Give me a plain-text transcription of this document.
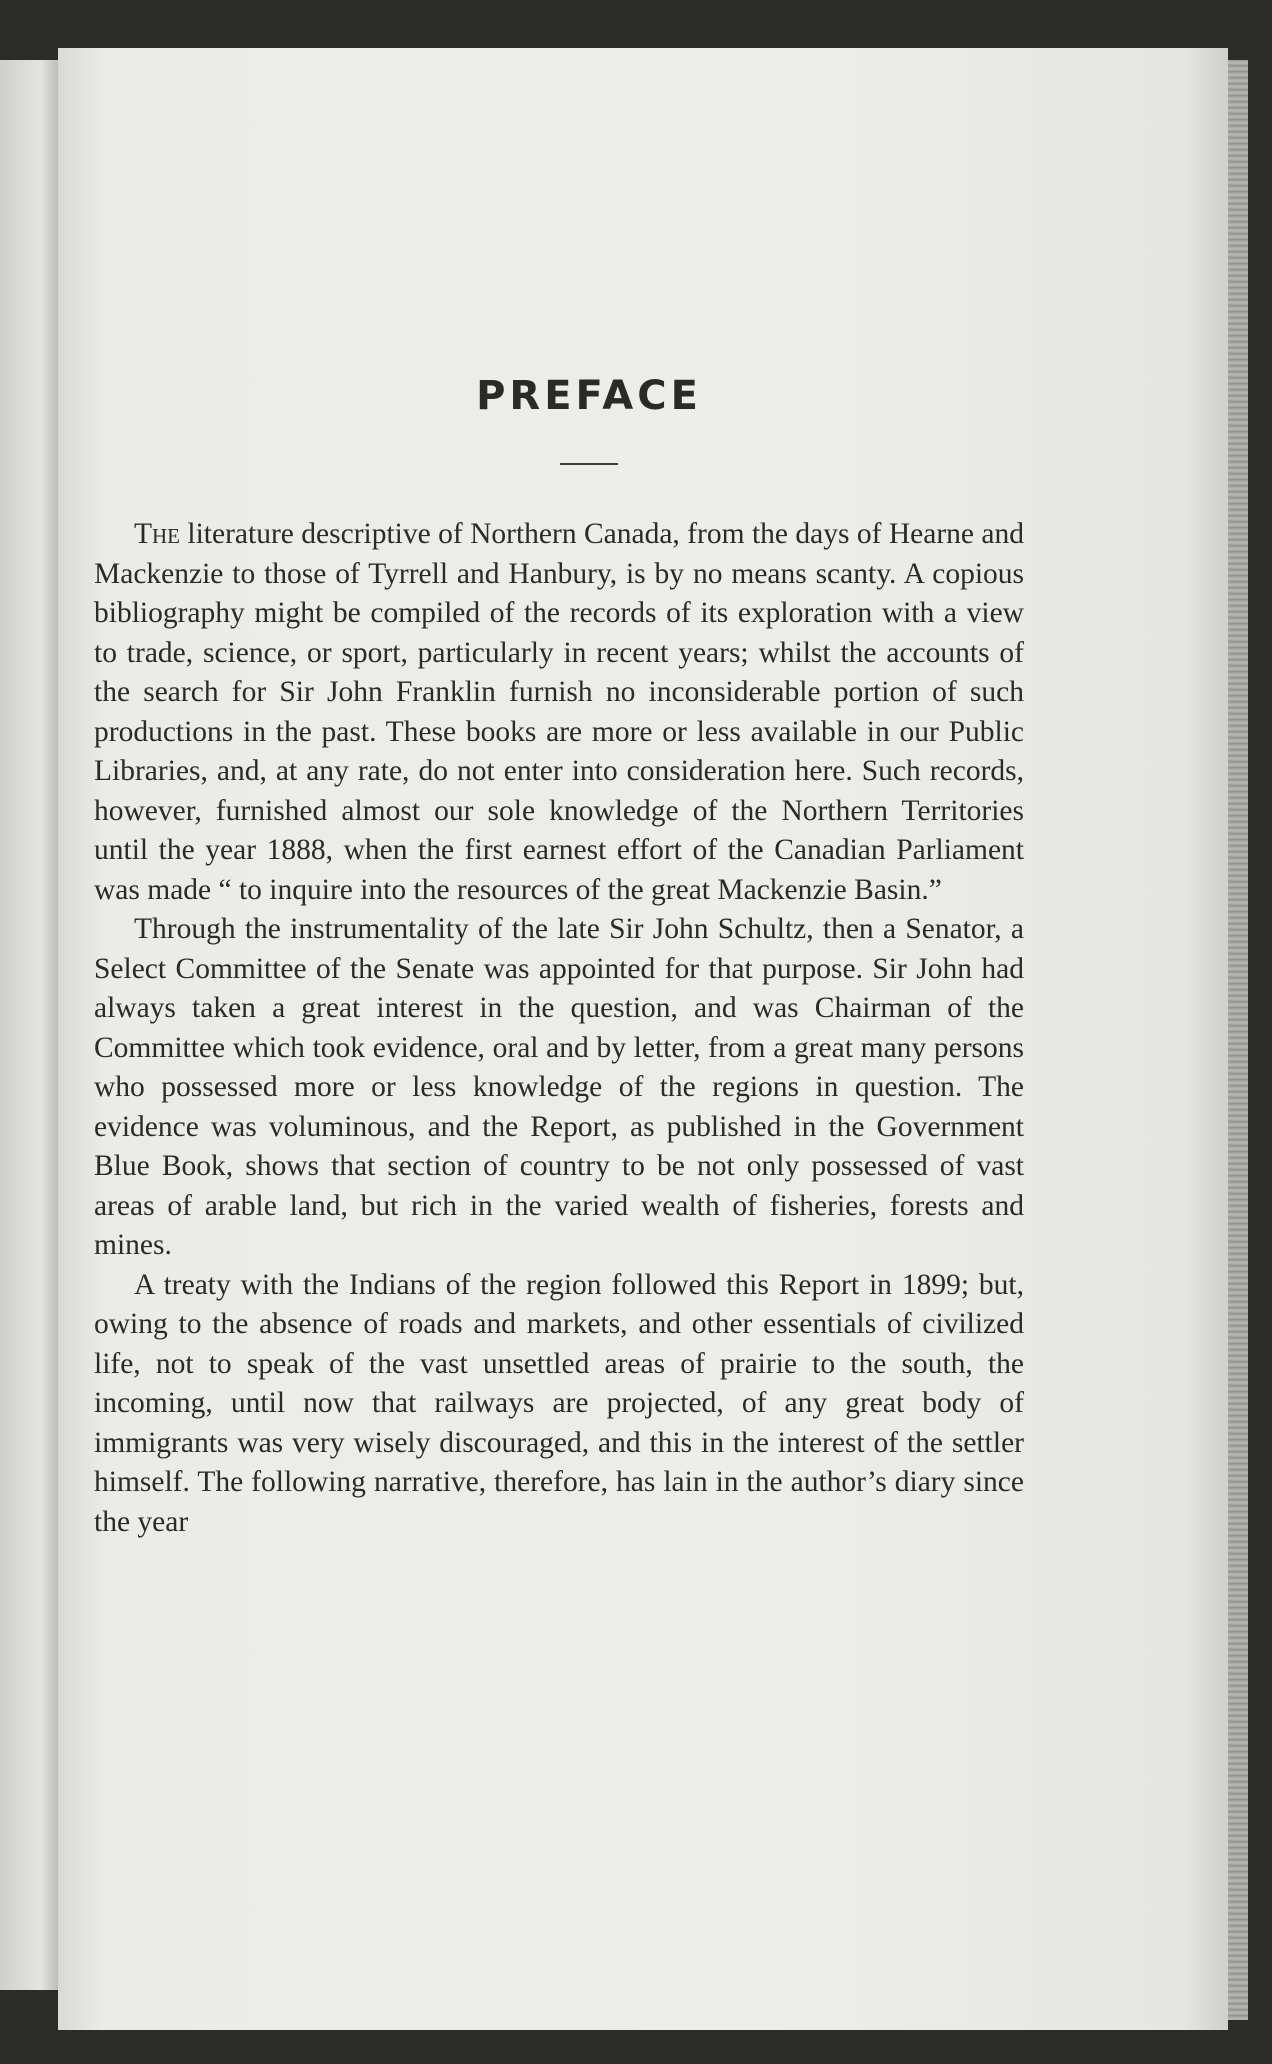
PREFACE

The literature descriptive of Northern Canada, from the days of Hearne and Mackenzie to those of Tyrrell and Hanbury, is by no means scanty. A copious bibliography might be compiled of the records of its exploration with a view to trade, science, or sport, particularly in recent years; whilst the accounts of the search for Sir John Franklin furnish no inconsiderable portion of such productions in the past. These books are more or less available in our Public Libraries, and, at any rate, do not enter into consideration here. Such records, however, furnished almost our sole knowledge of the Northern Territories until the year 1888, when the first earnest effort of the Canadian Parliament was made “ to inquire into the resources of the great Mackenzie Basin.”

Through the instrumentality of the late Sir John Schultz, then a Senator, a Select Committee of the Senate was appointed for that purpose. Sir John had always taken a great interest in the question, and was Chairman of the Committee which took evidence, oral and by letter, from a great many persons who possessed more or less knowledge of the regions in question. The evidence was voluminous, and the Report, as published in the Government Blue Book, shows that section of country to be not only possessed of vast areas of arable land, but rich in the varied wealth of fisheries, forests and mines.

A treaty with the Indians of the region followed this Report in 1899; but, owing to the absence of roads and markets, and other essentials of civilized life, not to speak of the vast unsettled areas of prairie to the south, the incoming, until now that railways are projected, of any great body of immigrants was very wisely discouraged, and this in the interest of the settler himself. The following narrative, therefore, has lain in the author’s diary since the year
